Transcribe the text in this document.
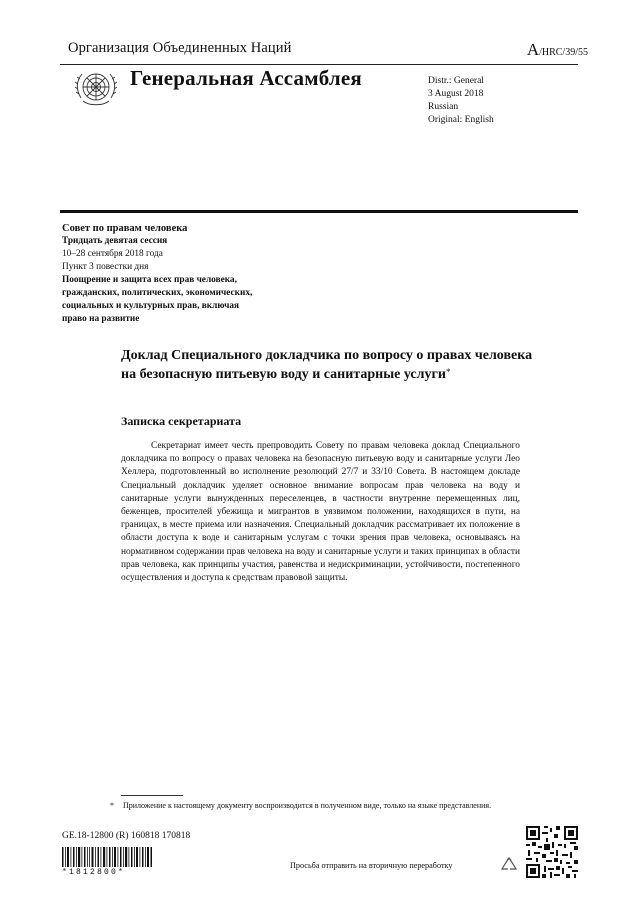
Организация Объединенных Наций	A/HRC/39/55
Генеральная Ассамблея	Distr.: General
3 August 2018
Russian
Original: English
Совет по правам человека
Тридцать девятая сессия
10–28 сентября 2018 года
Пункт 3 повестки дня
Поощрение и защита всех прав человека,
гражданских, политических, экономических,
социальных и культурных прав, включая
право на развитие
Доклад Специального докладчика по вопросу о правах человека на безопасную питьевую воду и санитарные услуги*
Записка секретариата

Секретариат имеет честь препроводить Совету по правам человека доклад Специального докладчика по вопросу о правах человека на безопасную питьевую воду и санитарные услуги Лео Хеллера, подготовленный во исполнение резолюций 27/7 и 33/10 Совета. В настоящем докладе Специальный докладчик уделяет основное внимание вопросам прав человека на воду и санитарные услуги вынужденных переселенцев, в частности внутренне перемещенных лиц, беженцев, просителей убежища и мигрантов в уязвимом положении, находящихся в пути, на границах, в месте приема или назначения. Специальный докладчик рассматривает их положение в области доступа к воде и санитарным услугам с точки зрения прав человека, основываясь на нормативном содержании прав человека на воду и санитарные услуги и таких принципах в области прав человека, как принципы участия, равенства и недискриминации, устойчивости, постепенного осуществления и доступа к средствам правовой защиты.

*	Приложение к настоящему документу воспроизводится в полученном виде, только на языке представления.
GE.18-12800 (R) 160818 170818
*1812800*
Просьба отправить на вторичную переработку
